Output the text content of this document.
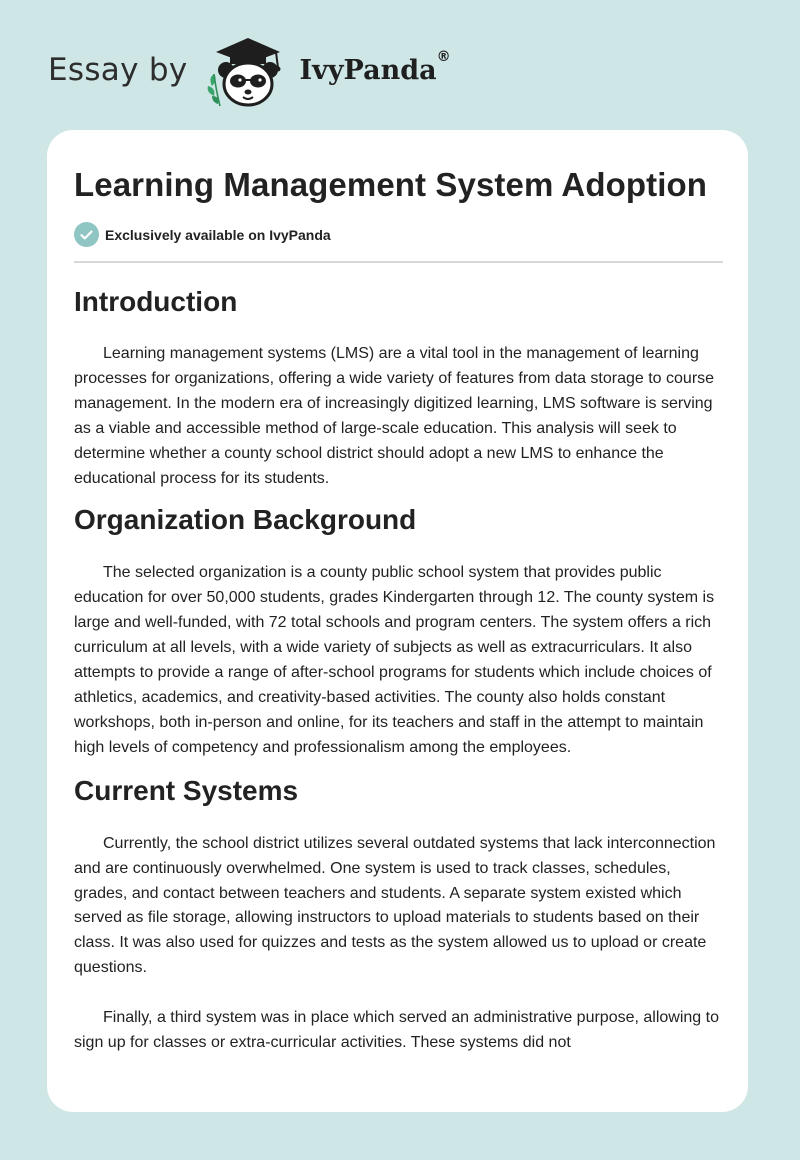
Essay by	IvyPanda®
Learning Management System Adoption
Exclusively available on IvyPanda
Introduction

Learning management systems (LMS) are a vital tool in the management of learning processes for organizations, offering a wide variety of features from data storage to course management. In the modern era of increasingly digitized learning, LMS software is serving as a viable and accessible method of large-scale education. This analysis will seek to determine whether a county school district should adopt a new LMS to enhance the educational process for its students.

Organization Background

The selected organization is a county public school system that provides public education for over 50,000 students, grades Kindergarten through 12. The county system is large and well-funded, with 72 total schools and program centers. The system offers a rich curriculum at all levels, with a wide variety of subjects as well as extracurriculars. It also attempts to provide a range of after-school programs for students which include choices of athletics, academics, and creativity-based activities. The county also holds constant workshops, both in-person and online, for its teachers and staff in the attempt to maintain high levels of competency and professionalism among the employees.

Current Systems

Currently, the school district utilizes several outdated systems that lack interconnection and are continuously overwhelmed. One system is used to track classes, schedules, grades, and contact between teachers and students. A separate system existed which served as file storage, allowing instructors to upload materials to students based on their class. It was also used for quizzes and tests as the system allowed us to upload or create questions.

Finally, a third system was in place which served an administrative purpose, allowing to sign up for classes or extra-curricular activities. These systems did not
